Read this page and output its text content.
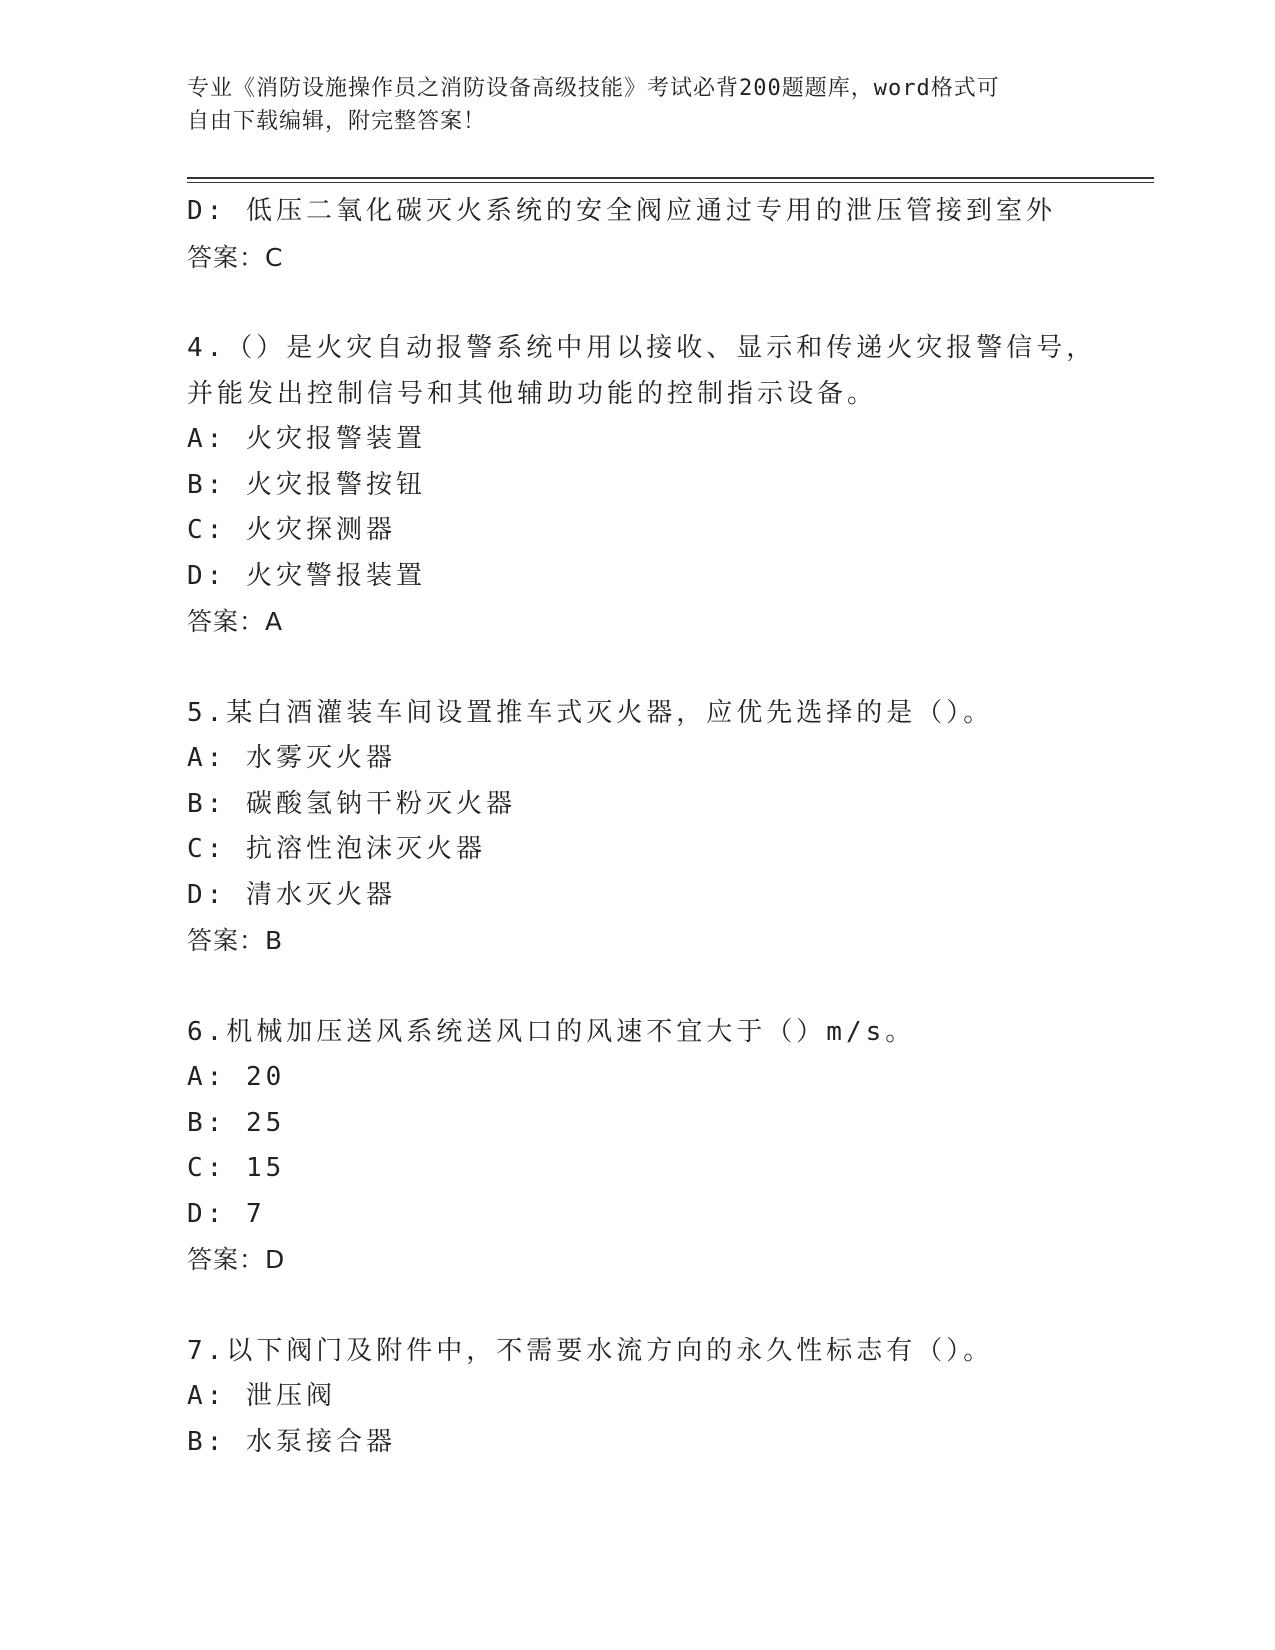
专业《消防设施操作员之消防设备高级技能》考试必背200题题库，word格式可
自由下载编辑，附完整答案！
D: 低压二氧化碳灭火系统的安全阀应通过专用的泄压管接到室外
答案：C
4.（）是火灾自动报警系统中用以接收、显示和传递火灾报警信号，
并能发出控制信号和其他辅助功能的控制指示设备。
A: 火灾报警装置
B: 火灾报警按钮
C: 火灾探测器
D: 火灾警报装置
答案：A
5.某白酒灌装车间设置推车式灭火器，应优先选择的是（）。
A: 水雾灭火器
B: 碳酸氢钠干粉灭火器
C: 抗溶性泡沫灭火器
D: 清水灭火器
答案：B
6.机械加压送风系统送风口的风速不宜大于（）m/s。
A: 20
B: 25
C: 15
D: 7
答案：D
7.以下阀门及附件中，不需要水流方向的永久性标志有（）。
A: 泄压阀
B: 水泵接合器
